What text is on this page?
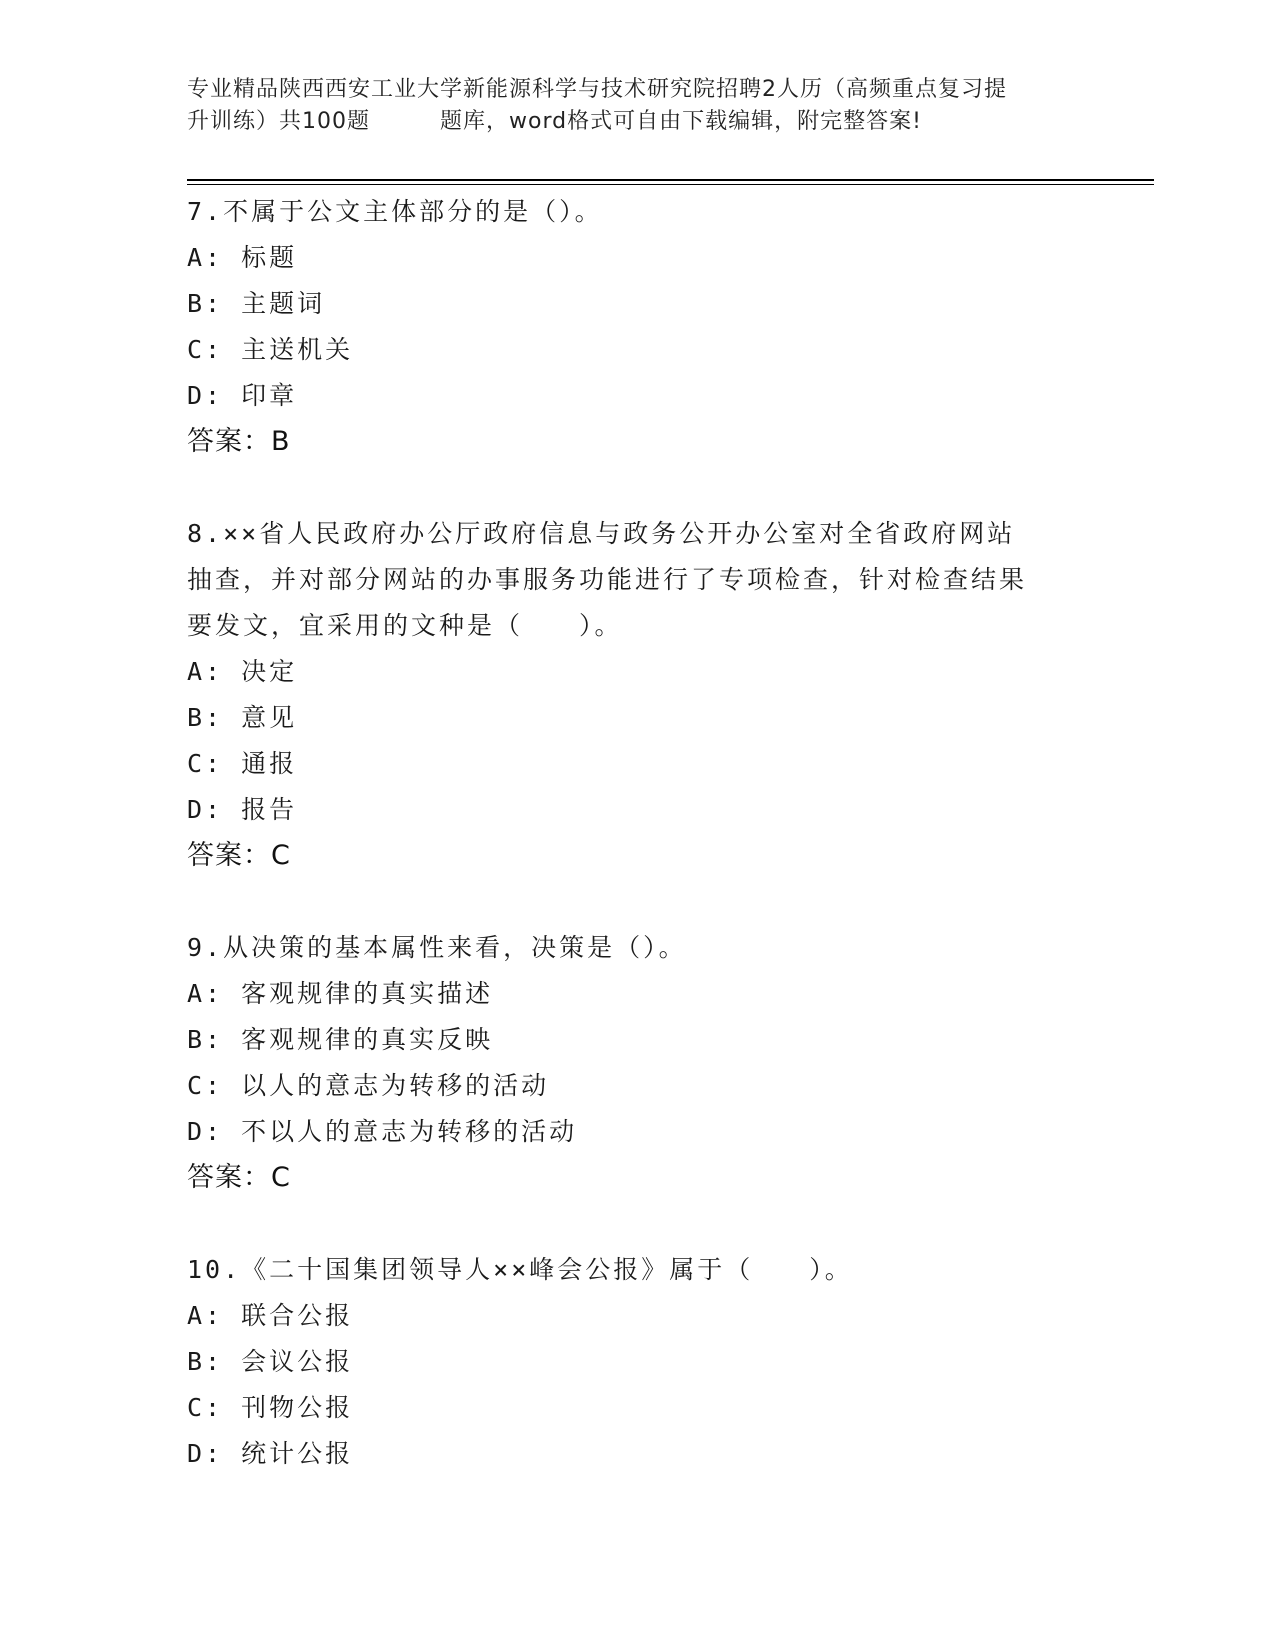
专业精品陕西西安工业大学新能源科学与技术研究院招聘2人历（高频重点复习提
升训练）共100题	题库，word格式可自由下载编辑，附完整答案!
7.不属于公文主体部分的是（）。
A: 标题
B: 主题词
C: 主送机关
D: 印章
答案：B
8.××省人民政府办公厅政府信息与政务公开办公室对全省政府网站
抽查，并对部分网站的办事服务功能进行了专项检查，针对检查结果
要发文，宜采用的文种是（　　）。
A: 决定
B: 意见
C: 通报
D: 报告
答案：C
9.从决策的基本属性来看，决策是（）。
A: 客观规律的真实描述
B: 客观规律的真实反映
C: 以人的意志为转移的活动
D: 不以人的意志为转移的活动
答案：C
10.《二十国集团领导人××峰会公报》属于（　　）。
A: 联合公报
B: 会议公报
C: 刊物公报
D: 统计公报
